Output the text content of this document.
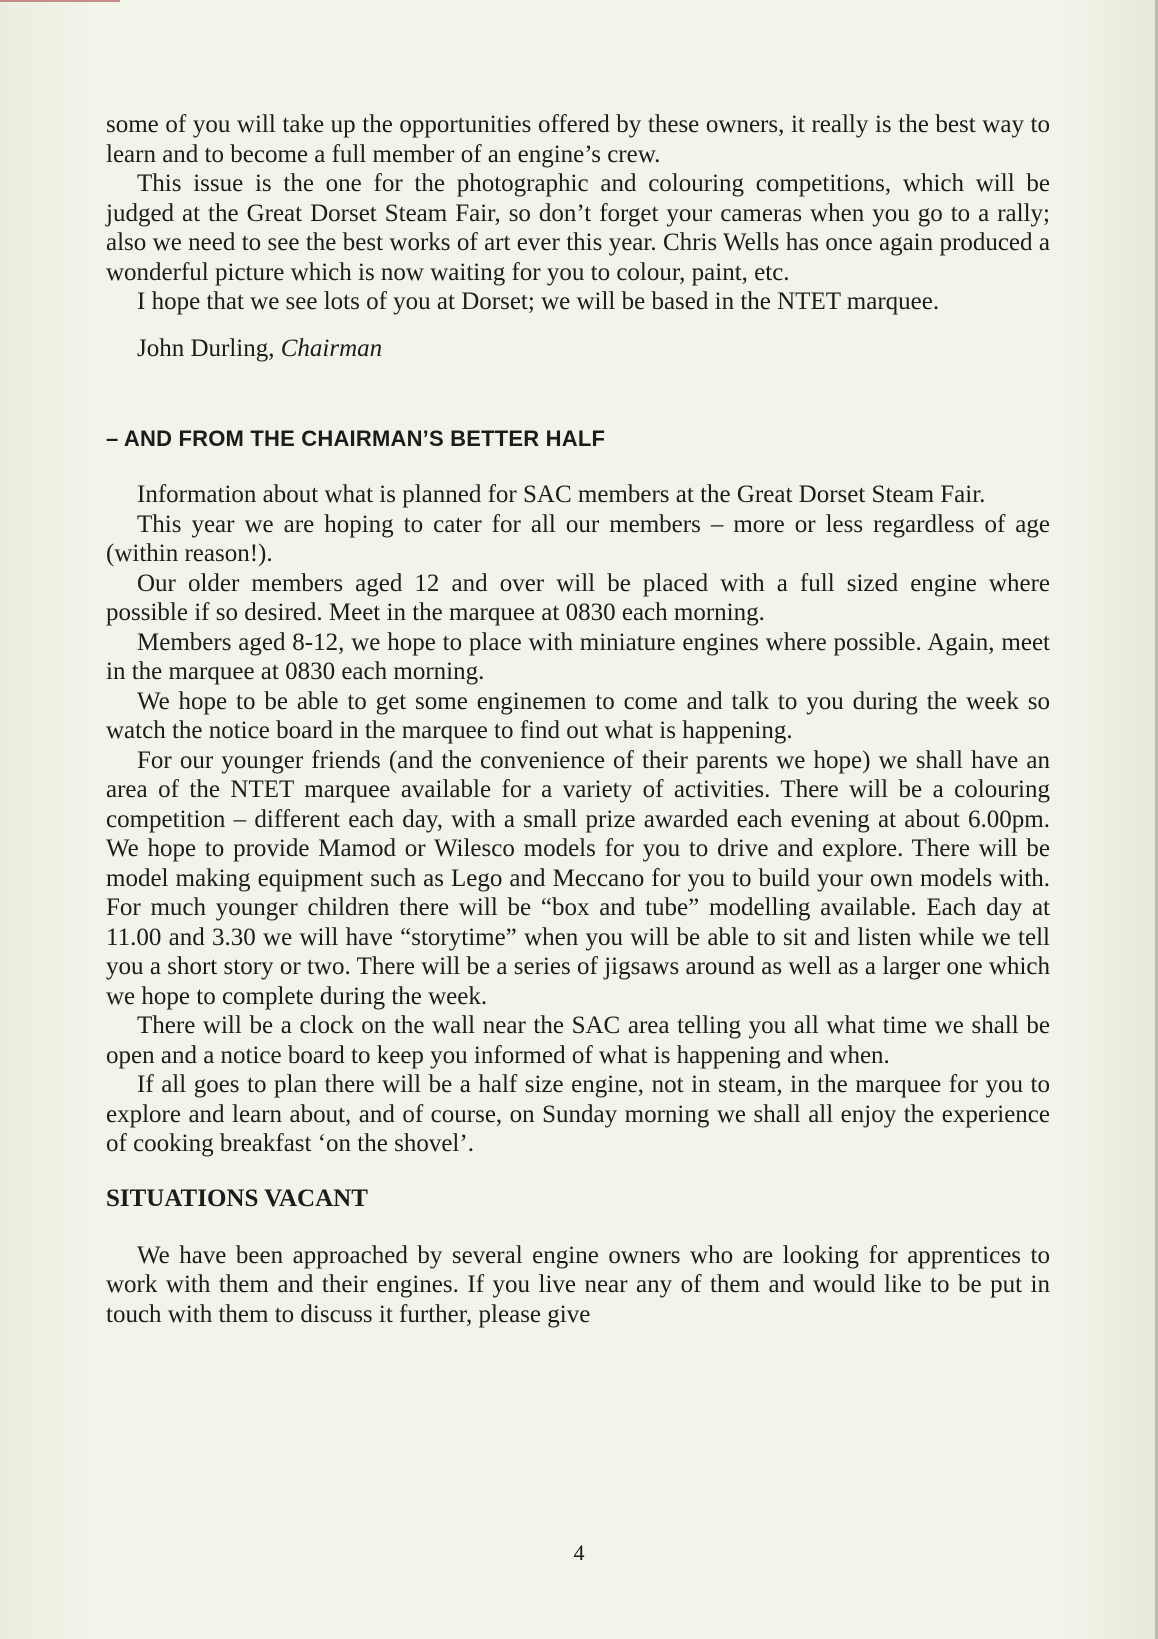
some of you will take up the opportunities offered by these owners, it really is the best way to learn and to become a full member of an engine’s crew.

This issue is the one for the photographic and colouring competitions, which will be judged at the Great Dorset Steam Fair, so don’t forget your cameras when you go to a rally; also we need to see the best works of art ever this year. Chris Wells has once again produced a wonderful picture which is now waiting for you to colour, paint, etc.

I hope that we see lots of you at Dorset; we will be based in the NTET marquee.

John Durling, Chairman

– AND FROM THE CHAIRMAN’S BETTER HALF

Information about what is planned for SAC members at the Great Dorset Steam Fair.

This year we are hoping to cater for all our members – more or less regardless of age (within reason!).

Our older members aged 12 and over will be placed with a full sized engine where possible if so desired. Meet in the marquee at 0830 each morning.

Members aged 8-12, we hope to place with miniature engines where possible. Again, meet in the marquee at 0830 each morning.

We hope to be able to get some enginemen to come and talk to you during the week so watch the notice board in the marquee to find out what is happening.

For our younger friends (and the convenience of their parents we hope) we shall have an area of the NTET marquee available for a variety of activities. There will be a colouring competition – different each day, with a small prize awarded each evening at about 6.00pm. We hope to provide Mamod or Wilesco models for you to drive and explore. There will be model making equipment such as Lego and Meccano for you to build your own models with. For much younger children there will be “box and tube” modelling available. Each day at 11.00 and 3.30 we will have “storytime” when you will be able to sit and listen while we tell you a short story or two. There will be a series of jigsaws around as well as a larger one which we hope to complete during the week.

There will be a clock on the wall near the SAC area telling you all what time we shall be open and a notice board to keep you informed of what is happening and when.

If all goes to plan there will be a half size engine, not in steam, in the marquee for you to explore and learn about, and of course, on Sunday morning we shall all enjoy the experience of cooking breakfast ‘on the shovel’.

SITUATIONS VACANT

We have been approached by several engine owners who are looking for apprentices to work with them and their engines. If you live near any of them and would like to be put in touch with them to discuss it further, please give

4
